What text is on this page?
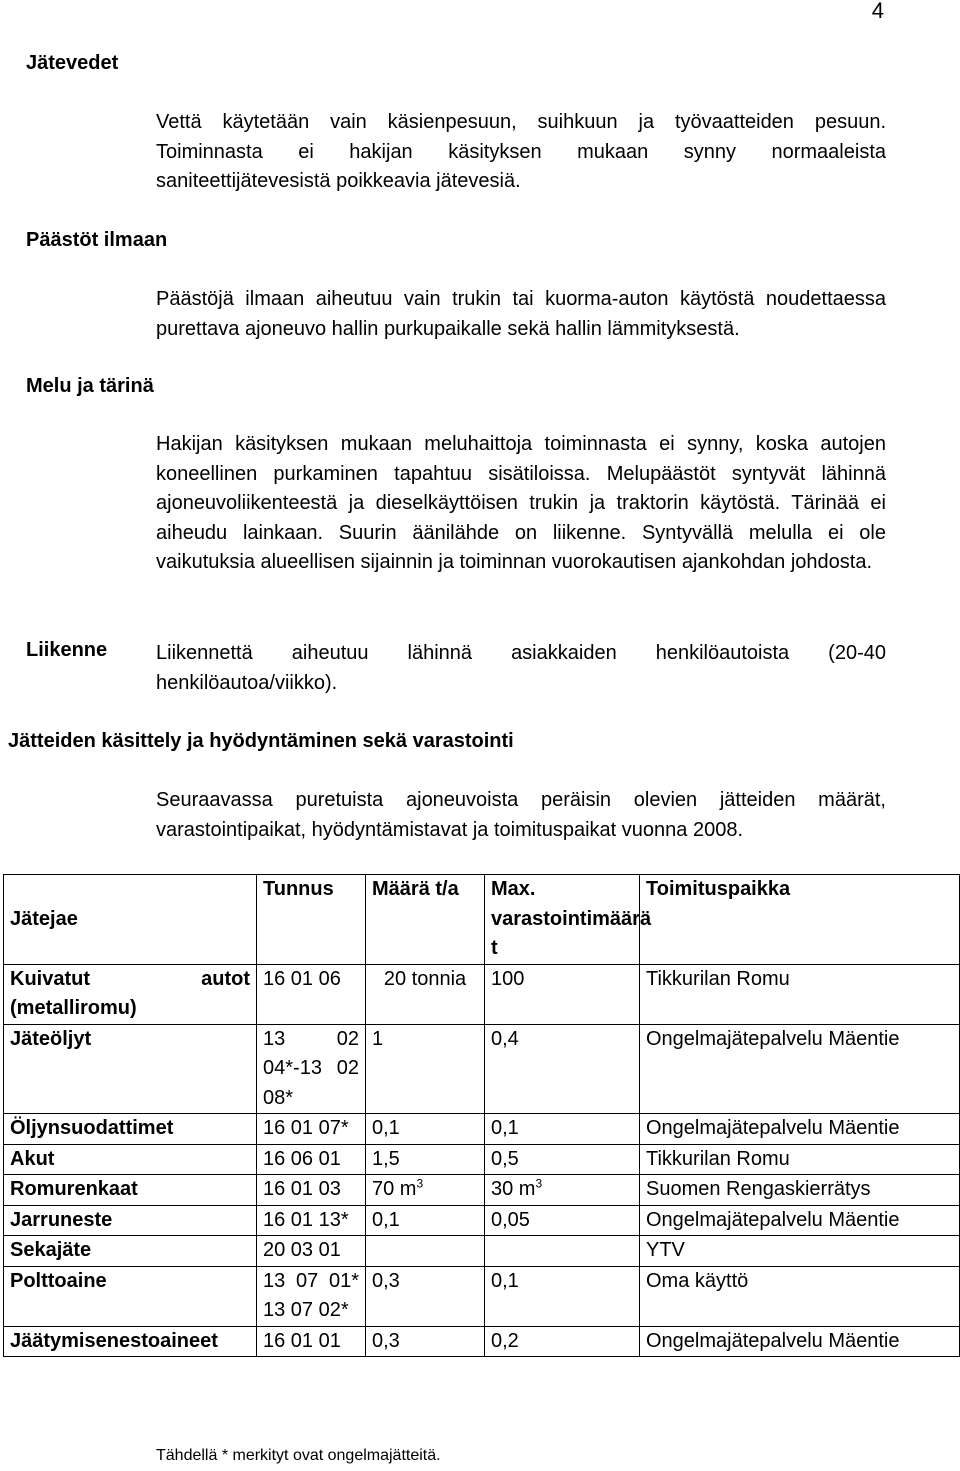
4
Jätevedet
Vettä käytetään vain käsienpesuun, suihkuun ja työvaatteiden pesuun. Toiminnasta ei hakijan käsityksen mukaan synny normaaleista saniteettijätevesistä poikkeavia jätevesiä.
Päästöt ilmaan
Päästöjä ilmaan aiheutuu vain trukin tai kuorma-auton käytöstä noudettaessa purettava ajoneuvo hallin purkupaikalle sekä hallin lämmityksestä.
Melu ja tärinä
Hakijan käsityksen mukaan meluhaittoja toiminnasta ei synny, koska autojen koneellinen purkaminen tapahtuu sisätiloissa. Melupäästöt syntyvät lähinnä ajoneuvoliikenteestä ja dieselkäyttöisen trukin ja traktorin käytöstä. Tärinää ei aiheudu lainkaan. Suurin äänilähde on liikenne. Syntyvällä melulla ei ole vaikutuksia alueellisen sijainnin ja toiminnan vuorokautisen ajankohdan johdosta.
Liikenne Liikennettä aiheutuu lähinnä asiakkaiden henkilöautoista (20-40 henkilöautoa/viikko).
Jätteiden käsittely ja hyödyntäminen sekä varastointi
Seuraavassa puretuista ajoneuvoista peräisin olevien jätteiden määrät, varastointipaikat, hyödyntämistavat ja toimituspaikat vuonna 2008.
Jätejae	Tunnus	Määrä t/a	Max. varastointimäärä t	Toimituspaikka
Kuivatut autot (metalliromu)	16 01 06	20 tonnia	100	Tikkurilan Romu
Jäteöljyt	13 02 04*-13 02 08*	1	0,4	Ongelmajätepalvelu Mäentie
Öljynsuodattimet	16 01 07*	0,1	0,1	Ongelmajätepalvelu Mäentie
Akut	16 06 01	1,5	0,5	Tikkurilan Romu
Romurenkaat	16 01 03	70 $m^3$	30 $m^3$	Suomen Rengaskierrätys
Jarruneste	16 01 13*	0,1	0,05	Ongelmajätepalvelu Mäentie
Sekajäte	20 03 01			YTV
Polttoaine	13 07 01* 13 07 02*	0,3	0,1	Oma käyttö
Jäätymisenestoaineet	16 01 01	0,3	0,2	Ongelmajätepalvelu Mäentie
Tähdellä * merkityt ovat ongelmajätteitä.
